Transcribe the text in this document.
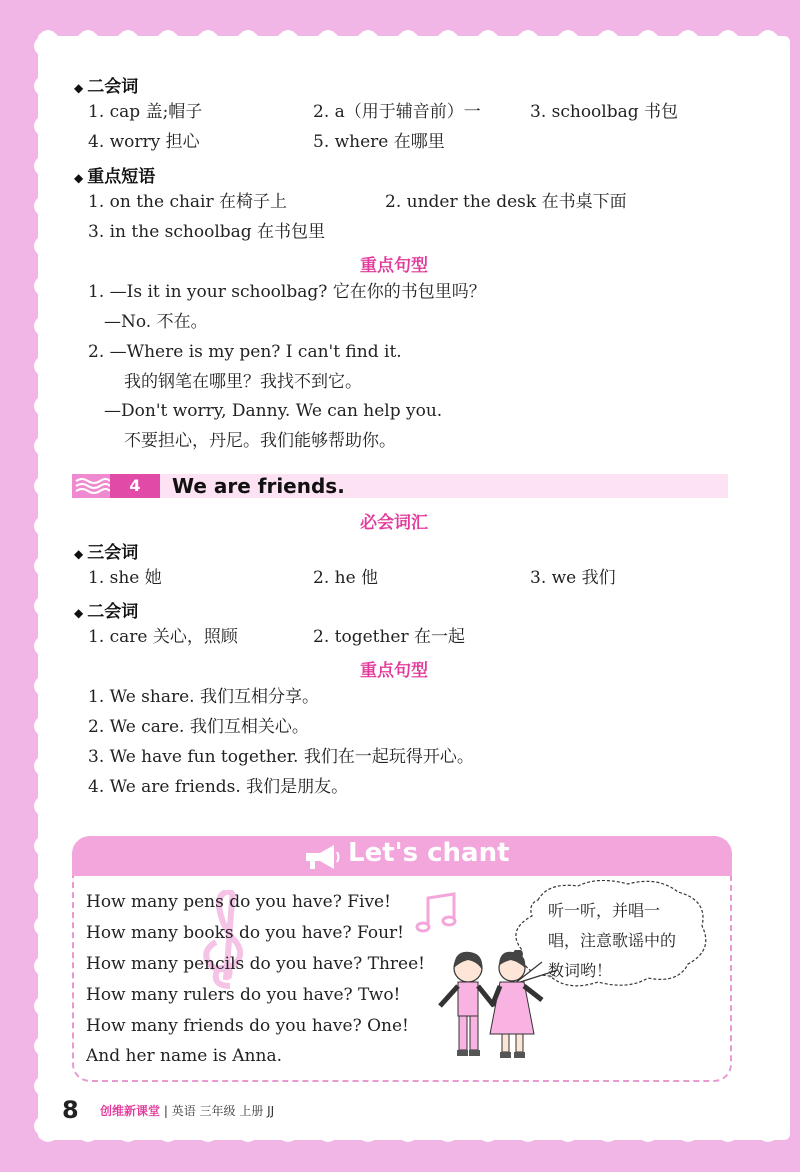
◆ 二会词
1. cap 盖;帽子	2. a（用于辅音前）一	3. schoolbag 书包
4. worry 担心	5. where 在哪里
◆ 重点短语
1. on the chair 在椅子上	2. under the desk 在书桌下面
3. in the schoolbag 在书包里
重点句型
1. —Is it in your schoolbag? 它在你的书包里吗？
—No. 不在。
2. —Where is my pen? I can't find it.
我的钢笔在哪里？我找不到它。
—Don't worry, Danny. We can help you.
不要担心，丹尼。我们能够帮助你。
4	We are friends.
必会词汇
◆ 三会词
1. she 她	2. he 他	3. we 我们
◆ 二会词
1. care 关心，照顾	2. together 在一起
重点句型
1. We share. 我们互相分享。
2. We care. 我们互相关心。
3. We have fun together. 我们在一起玩得开心。
4. We are friends. 我们是朋友。
Let's chant
How many pens do you have? Five!
How many books do you have? Four!
How many pencils do you have? Three!
How many rulers do you have? Two!
How many friends do you have? One!
And her name is Anna.
听一听，并唱一唱，注意歌谣中的数词哟！
8 创维新课堂 | 英语 三年级 上册 JJ
